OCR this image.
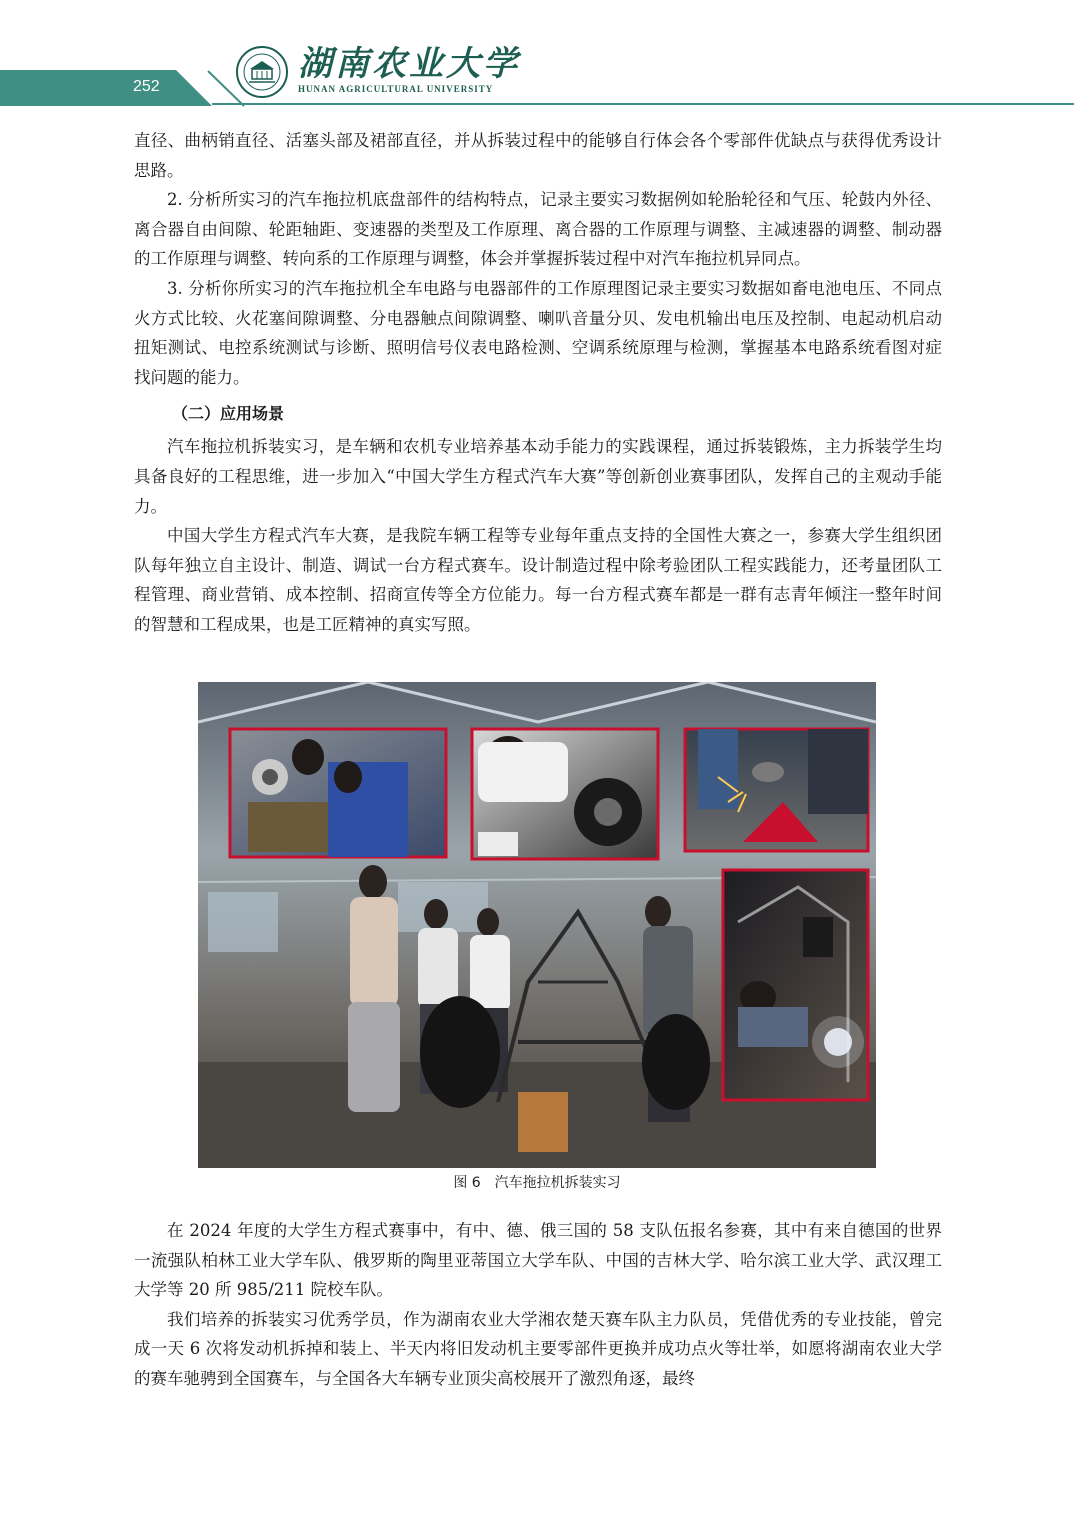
252
湖南农业大学
HUNAN AGRICULTURAL UNIVERSITY

直径、曲柄销直径、活塞头部及裙部直径，并从拆装过程中的能够自行体会各个零部件优缺点与获得优秀设计思路。

2. 分析所实习的汽车拖拉机底盘部件的结构特点，记录主要实习数据例如轮胎轮径和气压、轮鼓内外径、离合器自由间隙、轮距轴距、变速器的类型及工作原理、离合器的工作原理与调整、主减速器的调整、制动器的工作原理与调整、转向系的工作原理与调整，体会并掌握拆装过程中对汽车拖拉机异同点。

3. 分析你所实习的汽车拖拉机全车电路与电器部件的工作原理图记录主要实习数据如畜电池电压、不同点火方式比较、火花塞间隙调整、分电器触点间隙调整、喇叭音量分贝、发电机输出电压及控制、电起动机启动扭矩测试、电控系统测试与诊断、照明信号仪表电路检测、空调系统原理与检测，掌握基本电路系统看图对症找问题的能力。

（二）应用场景

汽车拖拉机拆装实习，是车辆和农机专业培养基本动手能力的实践课程，通过拆装锻炼，主力拆装学生均具备良好的工程思维，进一步加入“中国大学生方程式汽车大赛”等创新创业赛事团队，发挥自己的主观动手能力。

中国大学生方程式汽车大赛，是我院车辆工程等专业每年重点支持的全国性大赛之一，参赛大学生组织团队每年独立自主设计、制造、调试一台方程式赛车。设计制造过程中除考验团队工程实践能力，还考量团队工程管理、商业营销、成本控制、招商宣传等全方位能力。每一台方程式赛车都是一群有志青年倾注一整年时间的智慧和工程成果，也是工匠精神的真实写照。

图 6　汽车拖拉机拆装实习

在 2024 年度的大学生方程式赛事中，有中、德、俄三国的 58 支队伍报名参赛，其中有来自德国的世界一流强队柏林工业大学车队、俄罗斯的陶里亚蒂国立大学车队、中国的吉林大学、哈尔滨工业大学、武汉理工大学等 20 所 985/211 院校车队。

我们培养的拆装实习优秀学员，作为湖南农业大学湘农楚天赛车队主力队员，凭借优秀的专业技能，曾完成一天 6 次将发动机拆掉和装上、半天内将旧发动机主要零部件更换并成功点火等壮举，如愿将湖南农业大学的赛车驰骋到全国赛车，与全国各大车辆专业顶尖高校展开了激烈角逐，最终
